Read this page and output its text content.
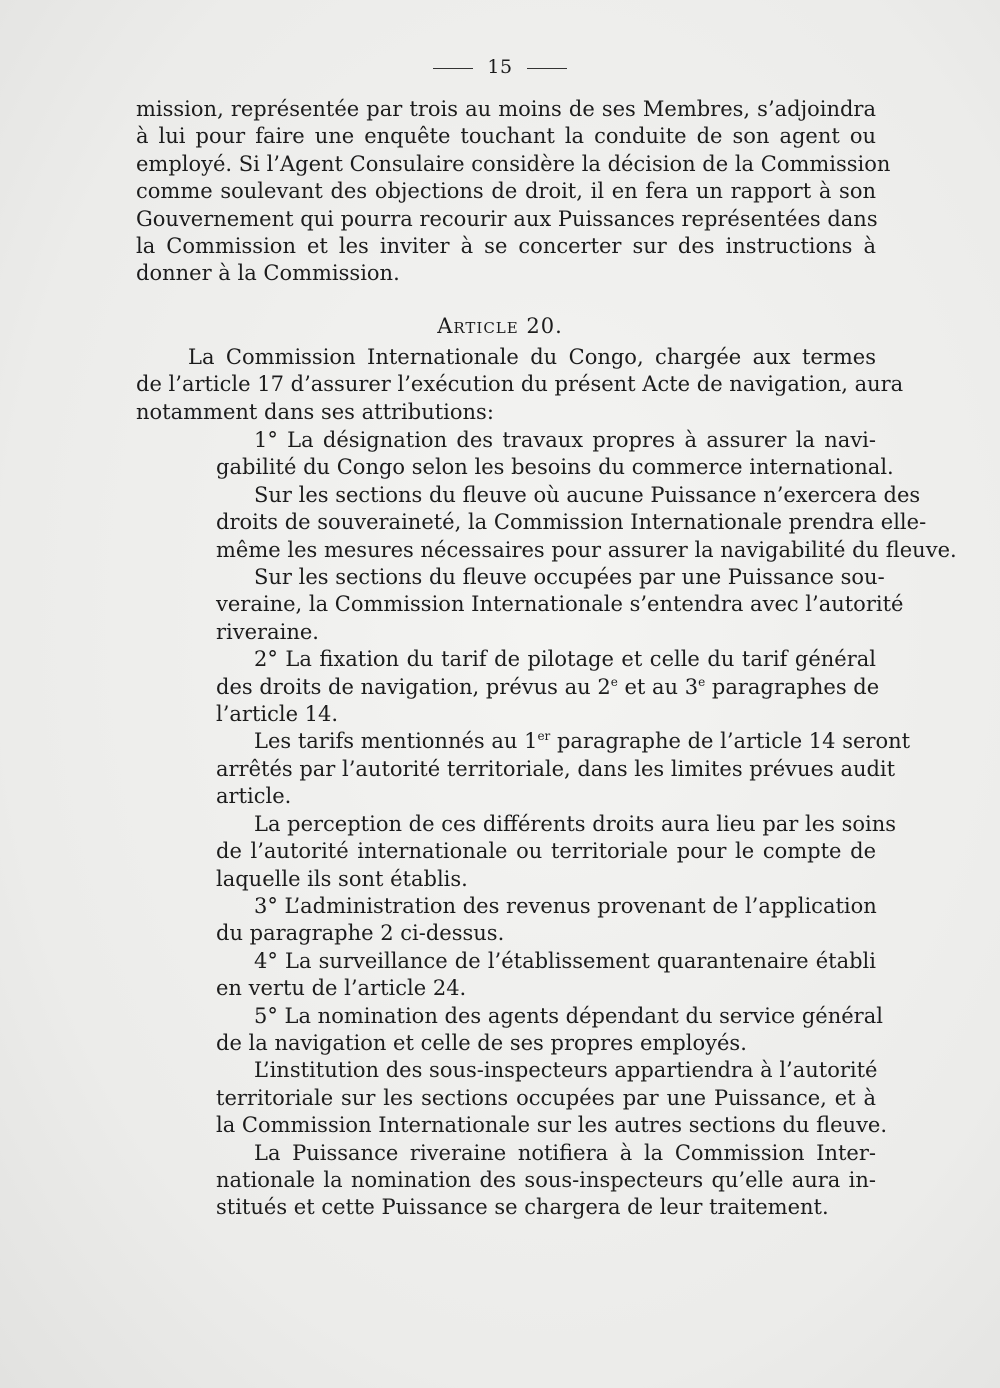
15
mission, représentée par trois au moins de ses Membres, s’adjoindra
à lui pour faire une enquête touchant la conduite de son agent ou
employé. Si l’Agent Consulaire considère la décision de la Commission
comme soulevant des objections de droit, il en fera un rapport à son
Gouvernement qui pourra recourir aux Puissances représentées dans
la Commission et les inviter à se concerter sur des instructions à
donner à la Commission.
Article 20.
La Commission Internationale du Congo, chargée aux termes
de l’article 17 d’assurer l’exécution du présent Acte de navigation, aura
notamment dans ses attributions:
1° La désignation des travaux propres à assurer la navi-
gabilité du Congo selon les besoins du commerce international.
Sur les sections du fleuve où aucune Puissance n’exercera des
droits de souveraineté, la Commission Internationale prendra elle-
même les mesures nécessaires pour assurer la navigabilité du fleuve.
Sur les sections du fleuve occupées par une Puissance sou-
veraine, la Commission Internationale s’entendra avec l’autorité
riveraine.
2° La fixation du tarif de pilotage et celle du tarif général
des droits de navigation, prévus au 2e et au 3e paragraphes de
l’article 14.
Les tarifs mentionnés au 1er paragraphe de l’article 14 seront
arrêtés par l’autorité territoriale, dans les limites prévues audit
article.
La perception de ces différents droits aura lieu par les soins
de l’autorité internationale ou territoriale pour le compte de
laquelle ils sont établis.
3° L’administration des revenus provenant de l’application
du paragraphe 2 ci-dessus.
4° La surveillance de l’établissement quarantenaire établi
en vertu de l’article 24.
5° La nomination des agents dépendant du service général
de la navigation et celle de ses propres employés.
L’institution des sous-inspecteurs appartiendra à l’autorité
territoriale sur les sections occupées par une Puissance, et à
la Commission Internationale sur les autres sections du fleuve.
La Puissance riveraine notifiera à la Commission Inter-
nationale la nomination des sous-inspecteurs qu’elle aura in-
stitués et cette Puissance se chargera de leur traitement.
